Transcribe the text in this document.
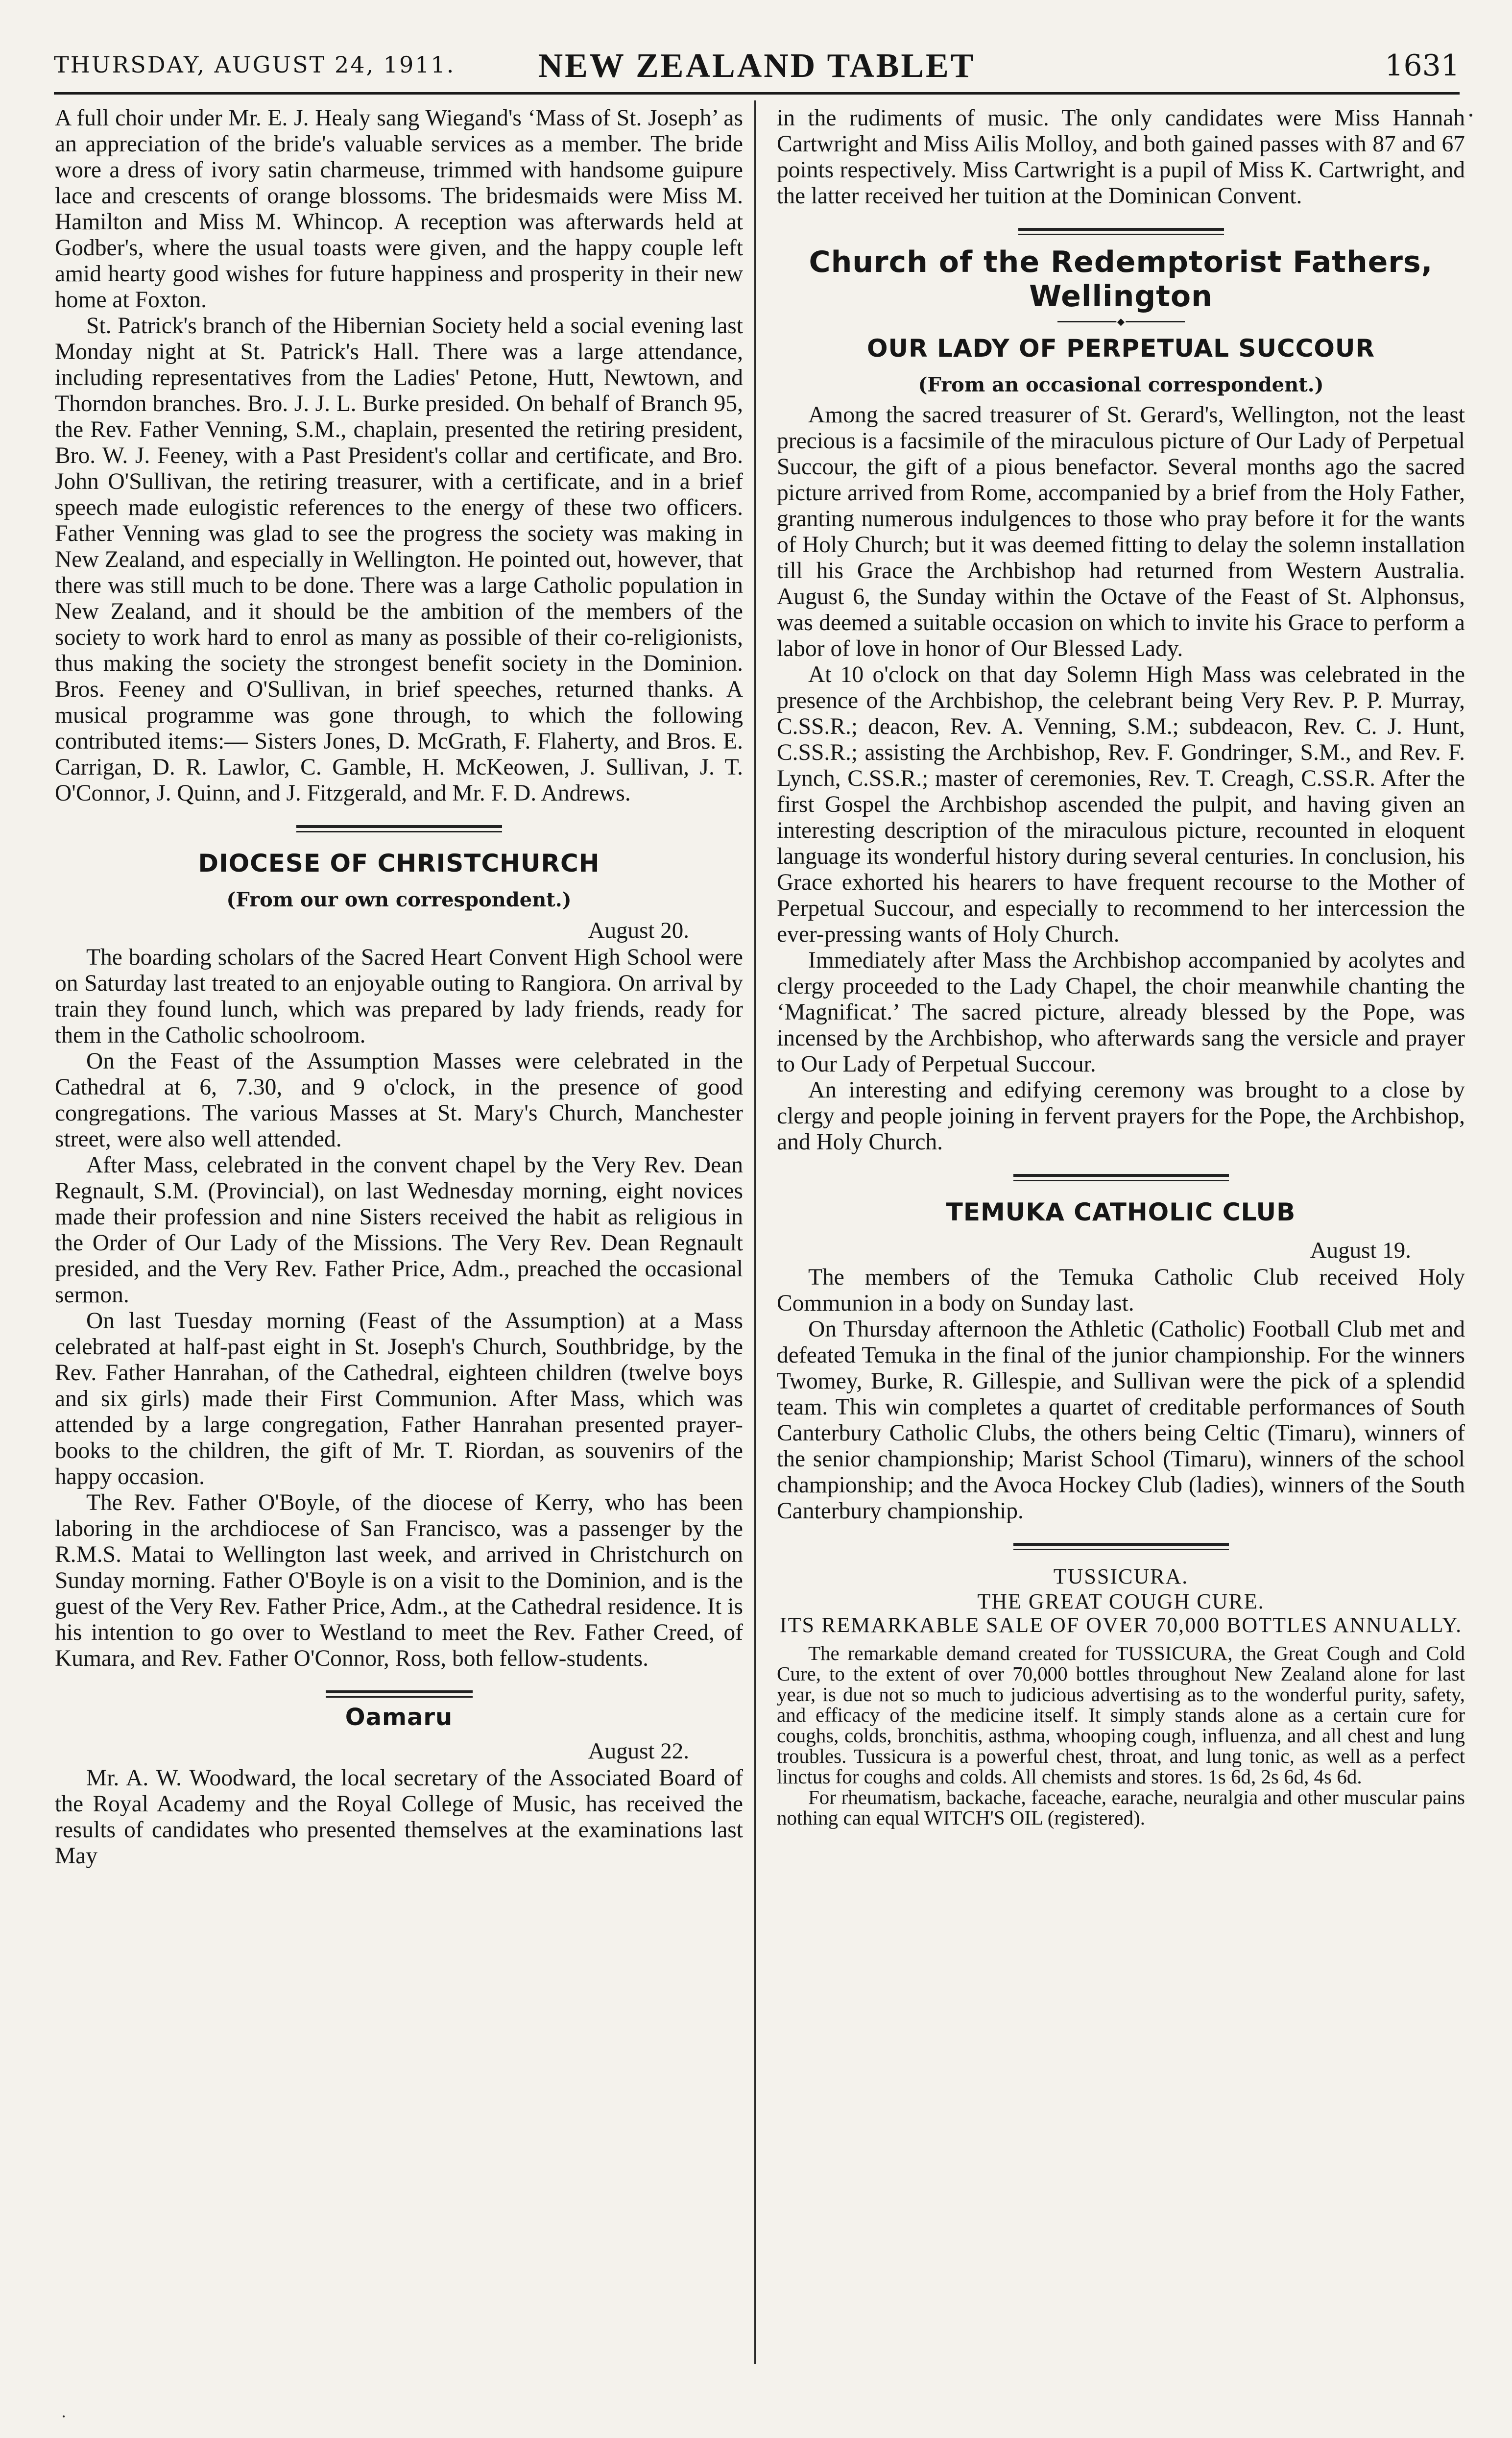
THURSDAY, AUGUST 24, 1911.	NEW ZEALAND TABLET	1631

A full choir under Mr. E. J. Healy sang Wiegand's ‘Mass of St. Joseph’ as an appreciation of the bride's valuable services as a member. The bride wore a dress of ivory satin charmeuse, trimmed with handsome guipure lace and crescents of orange blossoms. The bridesmaids were Miss M. Hamilton and Miss M. Whincop. A reception was afterwards held at Godber's, where the usual toasts were given, and the happy couple left amid hearty good wishes for future happiness and prosperity in their new home at Foxton.

St. Patrick's branch of the Hibernian Society held a social evening last Monday night at St. Patrick's Hall. There was a large attendance, including representatives from the Ladies' Petone, Hutt, Newtown, and Thorndon branches. Bro. J. J. L. Burke presided. On behalf of Branch 95, the Rev. Father Venning, S.M., chaplain, presented the retiring president, Bro. W. J. Feeney, with a Past President's collar and certificate, and Bro. John O'Sullivan, the retiring treasurer, with a certificate, and in a brief speech made eulogistic references to the energy of these two officers. Father Venning was glad to see the progress the society was making in New Zealand, and especially in Wellington. He pointed out, however, that there was still much to be done. There was a large Catholic population in New Zealand, and it should be the ambition of the members of the society to work hard to enrol as many as possible of their co-religionists, thus making the society the strongest benefit society in the Dominion. Bros. Feeney and O'Sullivan, in brief speeches, returned thanks. A musical programme was gone through, to which the following contributed items:— Sisters Jones, D. McGrath, F. Flaherty, and Bros. E. Carrigan, D. R. Lawlor, C. Gamble, H. McKeowen, J. Sullivan, J. T. O'Connor, J. Quinn, and J. Fitzgerald, and Mr. F. D. Andrews.

DIOCESE OF CHRISTCHURCH
(From our own correspondent.)
August 20.

The boarding scholars of the Sacred Heart Convent High School were on Saturday last treated to an enjoyable outing to Rangiora. On arrival by train they found lunch, which was prepared by lady friends, ready for them in the Catholic schoolroom.

On the Feast of the Assumption Masses were celebrated in the Cathedral at 6, 7.30, and 9 o'clock, in the presence of good congregations. The various Masses at St. Mary's Church, Manchester street, were also well attended.

After Mass, celebrated in the convent chapel by the Very Rev. Dean Regnault, S.M. (Provincial), on last Wednesday morning, eight novices made their profession and nine Sisters received the habit as religious in the Order of Our Lady of the Missions. The Very Rev. Dean Regnault presided, and the Very Rev. Father Price, Adm., preached the occasional sermon.

On last Tuesday morning (Feast of the Assumption) at a Mass celebrated at half-past eight in St. Joseph's Church, Southbridge, by the Rev. Father Hanrahan, of the Cathedral, eighteen children (twelve boys and six girls) made their First Communion. After Mass, which was attended by a large congregation, Father Hanrahan presented prayer-books to the children, the gift of Mr. T. Riordan, as souvenirs of the happy occasion.

The Rev. Father O'Boyle, of the diocese of Kerry, who has been laboring in the archdiocese of San Francisco, was a passenger by the R.M.S. Matai to Wellington last week, and arrived in Christchurch on Sunday morning. Father O'Boyle is on a visit to the Dominion, and is the guest of the Very Rev. Father Price, Adm., at the Cathedral residence. It is his intention to go over to Westland to meet the Rev. Father Creed, of Kumara, and Rev. Father O'Connor, Ross, both fellow-students.

Oamaru
August 22.

Mr. A. W. Woodward, the local secretary of the Associated Board of the Royal Academy and the Royal College of Music, has received the results of candidates who presented themselves at the examinations last May

in the rudiments of music. The only candidates were Miss Hannah Cartwright and Miss Ailis Molloy, and both gained passes with 87 and 67 points respectively. Miss Cartwright is a pupil of Miss K. Cartwright, and the latter received her tuition at the Dominican Convent.

Church of the Redemptorist Fathers, Wellington
◆
OUR LADY OF PERPETUAL SUCCOUR
(From an occasional correspondent.)

Among the sacred treasurer of St. Gerard's, Wellington, not the least precious is a facsimile of the miraculous picture of Our Lady of Perpetual Succour, the gift of a pious benefactor. Several months ago the sacred picture arrived from Rome, accompanied by a brief from the Holy Father, granting numerous indulgences to those who pray before it for the wants of Holy Church; but it was deemed fitting to delay the solemn installation till his Grace the Archbishop had returned from Western Australia. August 6, the Sunday within the Octave of the Feast of St. Alphonsus, was deemed a suitable occasion on which to invite his Grace to perform a labor of love in honor of Our Blessed Lady.

At 10 o'clock on that day Solemn High Mass was celebrated in the presence of the Archbishop, the celebrant being Very Rev. P. P. Murray, C.SS.R.; deacon, Rev. A. Venning, S.M.; subdeacon, Rev. C. J. Hunt, C.SS.R.; assisting the Archbishop, Rev. F. Gondringer, S.M., and Rev. F. Lynch, C.SS.R.; master of ceremonies, Rev. T. Creagh, C.SS.R. After the first Gospel the Archbishop ascended the pulpit, and having given an interesting description of the miraculous picture, recounted in eloquent language its wonderful history during several centuries. In conclusion, his Grace exhorted his hearers to have frequent recourse to the Mother of Perpetual Succour, and especially to recommend to her intercession the ever-pressing wants of Holy Church.

Immediately after Mass the Archbishop accompanied by acolytes and clergy proceeded to the Lady Chapel, the choir meanwhile chanting the ‘Magnificat.’ The sacred picture, already blessed by the Pope, was incensed by the Archbishop, who afterwards sang the versicle and prayer to Our Lady of Perpetual Succour.

An interesting and edifying ceremony was brought to a close by clergy and people joining in fervent prayers for the Pope, the Archbishop, and Holy Church.

TEMUKA CATHOLIC CLUB
August 19.

The members of the Temuka Catholic Club received Holy Communion in a body on Sunday last.

On Thursday afternoon the Athletic (Catholic) Football Club met and defeated Temuka in the final of the junior championship. For the winners Twomey, Burke, R. Gillespie, and Sullivan were the pick of a splendid team. This win completes a quartet of creditable performances of South Canterbury Catholic Clubs, the others being Celtic (Timaru), winners of the senior championship; Marist School (Timaru), winners of the school championship; and the Avoca Hockey Club (ladies), winners of the South Canterbury championship.

TUSSICURA.
THE GREAT COUGH CURE.
ITS REMARKABLE SALE OF OVER 70,000 BOTTLES ANNUALLY.

The remarkable demand created for TUSSICURA, the Great Cough and Cold Cure, to the extent of over 70,000 bottles throughout New Zealand alone for last year, is due not so much to judicious advertising as to the wonderful purity, safety, and efficacy of the medicine itself. It simply stands alone as a certain cure for coughs, colds, bronchitis, asthma, whooping cough, influenza, and all chest and lung troubles. Tussicura is a powerful chest, throat, and lung tonic, as well as a perfect linctus for coughs and colds. All chemists and stores. 1s 6d, 2s 6d, 4s 6d.

For rheumatism, backache, faceache, earache, neuralgia and other muscular pains nothing can equal WITCH'S OIL (registered).
